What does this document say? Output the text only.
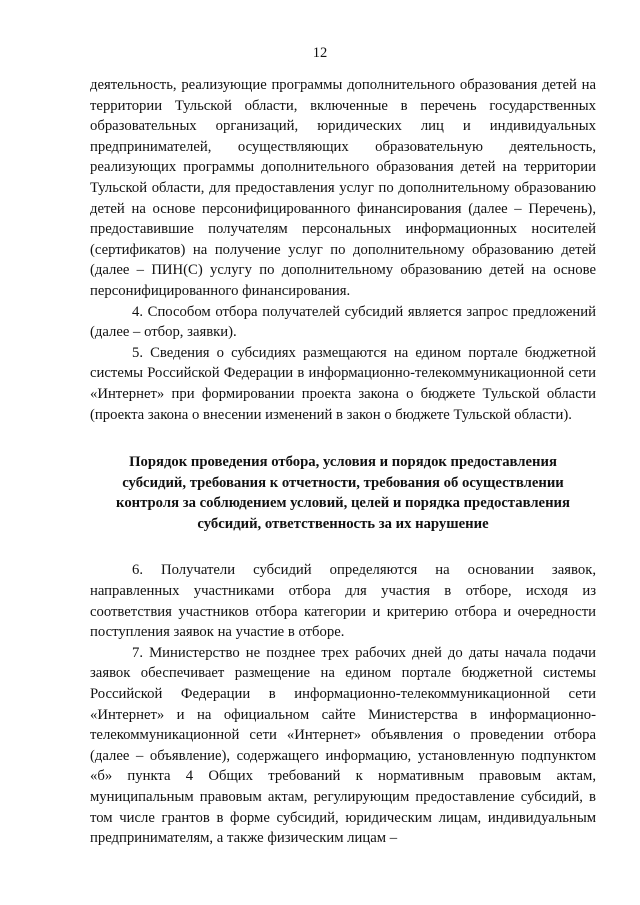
12

деятельность, реализующие программы дополнительного образования детей на территории Тульской области, включенные в перечень государственных образовательных организаций, юридических лиц и индивидуальных предпринимателей, осуществляющих образовательную деятельность, реализующих программы дополнительного образования детей на территории Тульской области, для предоставления услуг по дополнительному образованию детей на основе персонифицированного финансирования (далее – Перечень), предоставившие получателям персональных информационных носителей (сертификатов) на получение услуг по дополнительному образованию детей (далее – ПИН(С) услугу по дополнительному образованию детей на основе персонифицированного финансирования.

4. Способом отбора получателей субсидий является запрос предложений (далее – отбор, заявки).

5. Сведения о субсидиях размещаются на едином портале бюджетной системы Российской Федерации в информационно-телекоммуникационной сети «Интернет» при формировании проекта закона о бюджете Тульской области (проекта закона о внесении изменений в закон о бюджете Тульской области).

Порядок проведения отбора, условия и порядок предоставления субсидий, требования к отчетности, требования об осуществлении контроля за соблюдением условий, целей и порядка предоставления субсидий, ответственность за их нарушение

6. Получатели субсидий определяются на основании заявок, направленных участниками отбора для участия в отборе, исходя из соответствия участников отбора категории и критерию отбора и очередности поступления заявок на участие в отборе.

7. Министерство не позднее трех рабочих дней до даты начала подачи заявок обеспечивает размещение на едином портале бюджетной системы Российской Федерации в информационно-телекоммуникационной сети «Интернет» и на официальном сайте Министерства в информационно-телекоммуникационной сети «Интернет» объявления о проведении отбора (далее – объявление), содержащего информацию, установленную подпунктом «б» пункта 4 Общих требований к нормативным правовым актам, муниципальным правовым актам, регулирующим предоставление субсидий, в том числе грантов в форме субсидий, юридическим лицам, индивидуальным предпринимателям, а также физическим лицам –
